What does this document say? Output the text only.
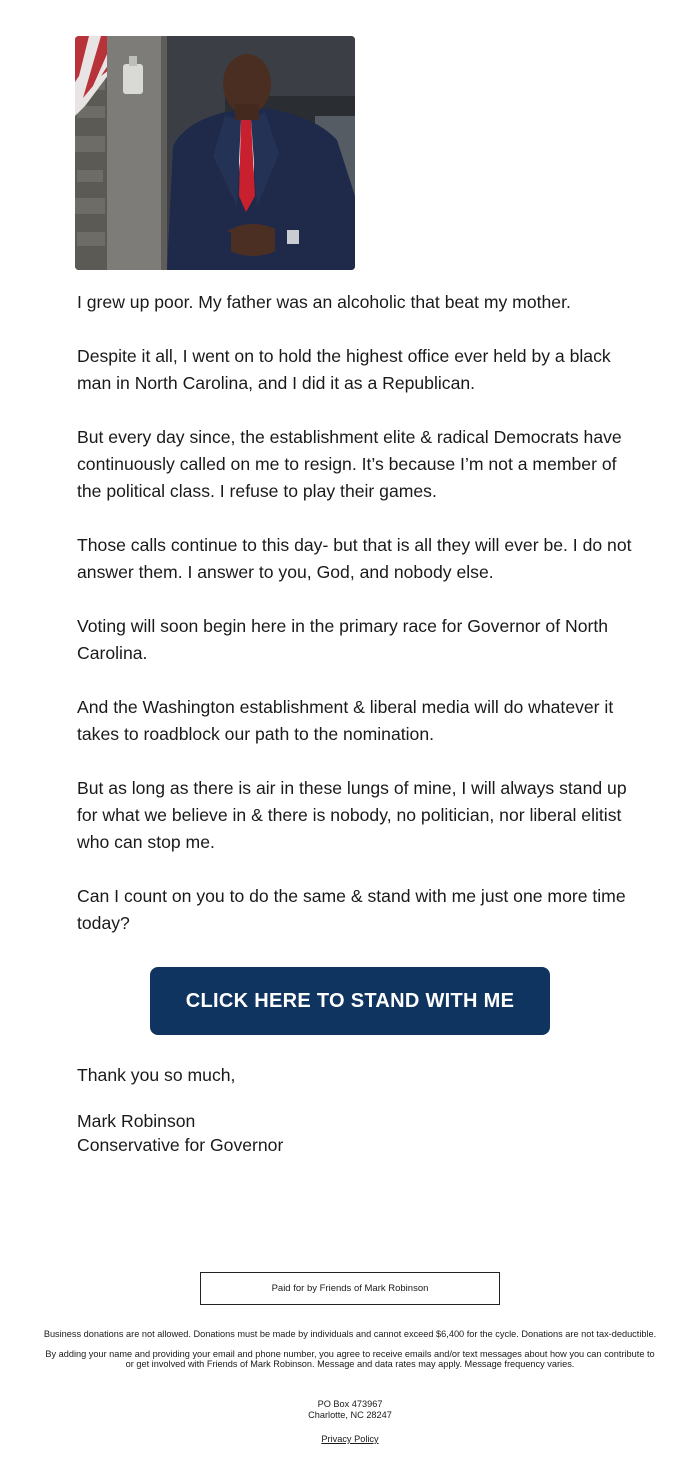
I grew up poor. My father was an alcoholic that beat my mother.

Despite it all, I went on to hold the highest office ever held by a black man in North Carolina, and I did it as a Republican.

But every day since, the establishment elite & radical Democrats have continuously called on me to resign. It’s because I’m not a member of the political class. I refuse to play their games.

Those calls continue to this day- but that is all they will ever be. I do not answer them. I answer to you, God, and nobody else.

Voting will soon begin here in the primary race for Governor of North Carolina.

And the Washington establishment & liberal media will do whatever it takes to roadblock our path to the nomination.

But as long as there is air in these lungs of mine, I will always stand up for what we believe in & there is nobody, no politician, nor liberal elitist who can stop me.

Can I count on you to do the same & stand with me just one more time today?

CLICK HERE TO STAND WITH ME

Thank you so much,

Mark Robinson
Conservative for Governor

Paid for by Friends of Mark Robinson

Business donations are not allowed. Donations must be made by individuals and cannot exceed $6,400 for the cycle. Donations are not tax-deductible.

By adding your name and providing your email and phone number, you agree to receive emails and/or text messages about how you can contribute to or get involved with Friends of Mark Robinson. Message and data rates may apply. Message frequency varies.

PO Box 473967
Charlotte, NC 28247
Privacy Policy
